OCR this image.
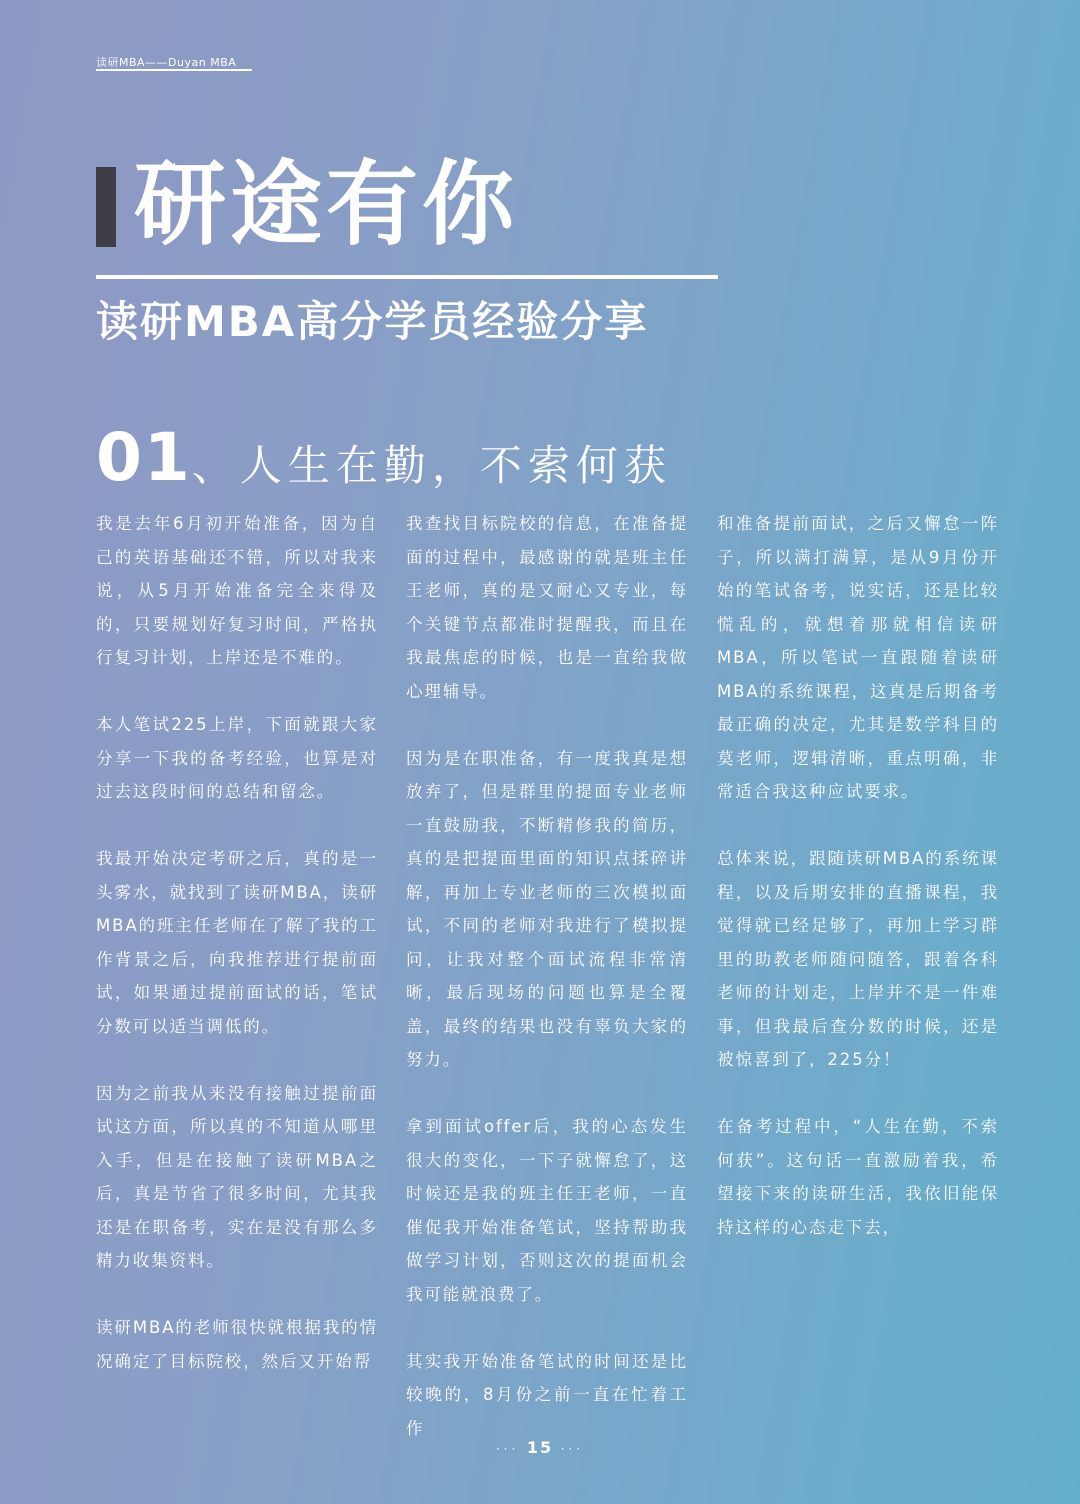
读研MBA——Duyan MBA
研途有你
读研MBA高分学员经验分享
01、人生在勤，不索何获

我是去年6月初开始准备，因为自己的英语基础还不错，所以对我来说，从5月开始准备完全来得及的，只要规划好复习时间，严格执行复习计划，上岸还是不难的。

本人笔试225上岸，下面就跟大家分享一下我的备考经验，也算是对过去这段时间的总结和留念。

我最开始决定考研之后，真的是一头雾水，就找到了读研MBA，读研MBA的班主任老师在了解了我的工作背景之后，向我推荐进行提前面试，如果通过提前面试的话，笔试分数可以适当调低的。

因为之前我从来没有接触过提前面试这方面，所以真的不知道从哪里入手，但是在接触了读研MBA之后，真是节省了很多时间，尤其我还是在职备考，实在是没有那么多精力收集资料。

读研MBA的老师很快就根据我的情况确定了目标院校，然后又开始帮

我查找目标院校的信息，在准备提面的过程中，最感谢的就是班主任王老师，真的是又耐心又专业，每个关键节点都准时提醒我，而且在我最焦虑的时候，也是一直给我做心理辅导。

因为是在职准备，有一度我真是想放弃了，但是群里的提面专业老师一直鼓励我，不断精修我的简历，真的是把提面里面的知识点揉碎讲解，再加上专业老师的三次模拟面试，不同的老师对我进行了模拟提问，让我对整个面试流程非常清晰，最后现场的问题也算是全覆盖，最终的结果也没有辜负大家的努力。

拿到面试offer后，我的心态发生很大的变化，一下子就懈怠了，这时候还是我的班主任王老师，一直催促我开始准备笔试，坚持帮助我做学习计划，否则这次的提面机会我可能就浪费了。

其实我开始准备笔试的时间还是比较晚的，8月份之前一直在忙着工作

和准备提前面试，之后又懈怠一阵子，所以满打满算，是从9月份开始的笔试备考，说实话，还是比较慌乱的，就想着那就相信读研MBA，所以笔试一直跟随着读研MBA的系统课程，这真是后期备考最正确的决定，尤其是数学科目的莫老师，逻辑清晰，重点明确，非常适合我这种应试要求。

总体来说，跟随读研MBA的系统课程，以及后期安排的直播课程，我觉得就已经足够了，再加上学习群里的助教老师随问随答，跟着各科老师的计划走，上岸并不是一件难事，但我最后查分数的时候，还是被惊喜到了，225分！

在备考过程中，“人生在勤，不索何获”。这句话一直激励着我，希望接下来的读研生活，我依旧能保持这样的心态走下去，

··· 15 ···
